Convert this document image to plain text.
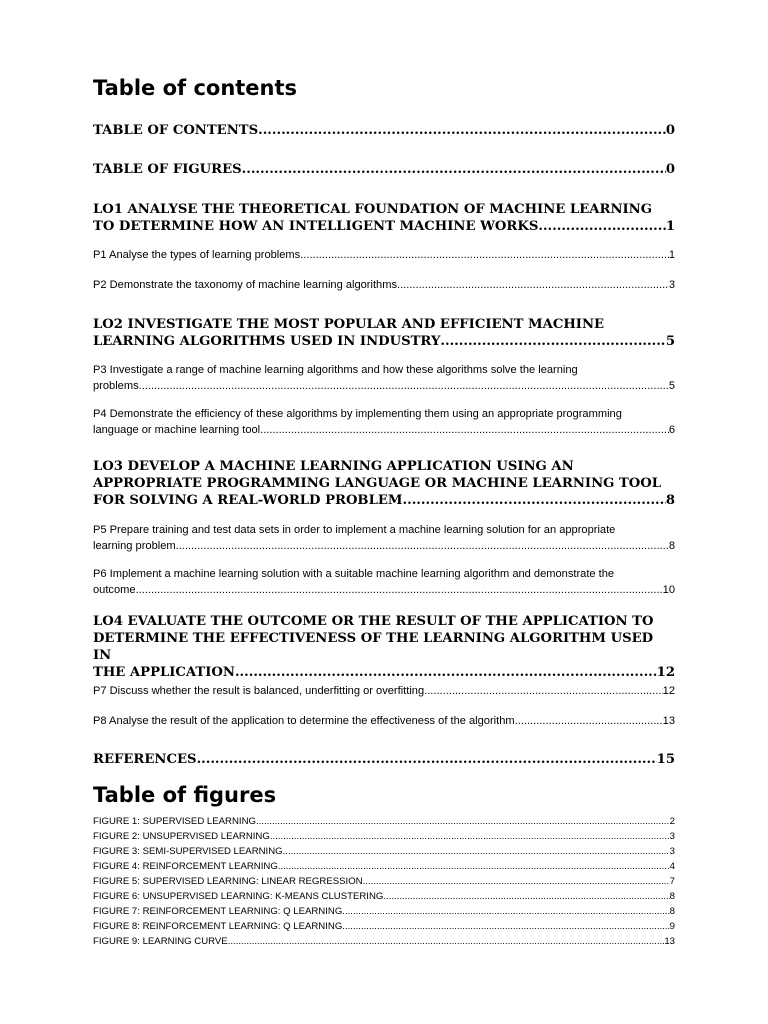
Table of contents
TABLE OF CONTENTS .....	0
TABLE OF FIGURES .....	0
LO1 ANALYSE THE THEORETICAL FOUNDATION OF MACHINE LEARNING
TO DETERMINE HOW AN INTELLIGENT MACHINE WORKS .....	1
P1 Analyse the types of learning problems .....	1
P2 Demonstrate the taxonomy of machine learning algorithms .....	3
LO2 INVESTIGATE THE MOST POPULAR AND EFFICIENT MACHINE
LEARNING ALGORITHMS USED IN INDUSTRY .....	5
P3 Investigate a range of machine learning algorithms and how these algorithms solve the learning
problems .....	5
P4 Demonstrate the efficiency of these algorithms by implementing them using an appropriate programming
language or machine learning tool .....	6
LO3 DEVELOP A MACHINE LEARNING APPLICATION USING AN
APPROPRIATE PROGRAMMING LANGUAGE OR MACHINE LEARNING TOOL
FOR SOLVING A REAL-WORLD PROBLEM .....	8
P5 Prepare training and test data sets in order to implement a machine learning solution for an appropriate
learning problem .....	8
P6 Implement a machine learning solution with a suitable machine learning algorithm and demonstrate the
outcome .....	10
LO4 EVALUATE THE OUTCOME OR THE RESULT OF THE APPLICATION TO
DETERMINE THE EFFECTIVENESS OF THE LEARNING ALGORITHM USED IN
THE APPLICATION .....	12
P7 Discuss whether the result is balanced, underfitting or overfitting .....	12
P8 Analyse the result of the application to determine the effectiveness of the algorithm .....	13
REFERENCES .....	15
Table of figures
FIGURE 1: SUPERVISED LEARNING .....	2
FIGURE 2: UNSUPERVISED LEARNING .....	3
FIGURE 3: SEMI-SUPERVISED LEARNING .....	3
FIGURE 4: REINFORCEMENT LEARNING .....	4
FIGURE 5: SUPERVISED LEARNING: LINEAR REGRESSION .....	7
FIGURE 6: UNSUPERVISED LEARNING: K-MEANS CLUSTERING .....	8
FIGURE 7: REINFORCEMENT LEARNING: Q LEARNING .....	8
FIGURE 8: REINFORCEMENT LEARNING: Q LEARNING .....	9
FIGURE 9: LEARNING CURVE .....	13
